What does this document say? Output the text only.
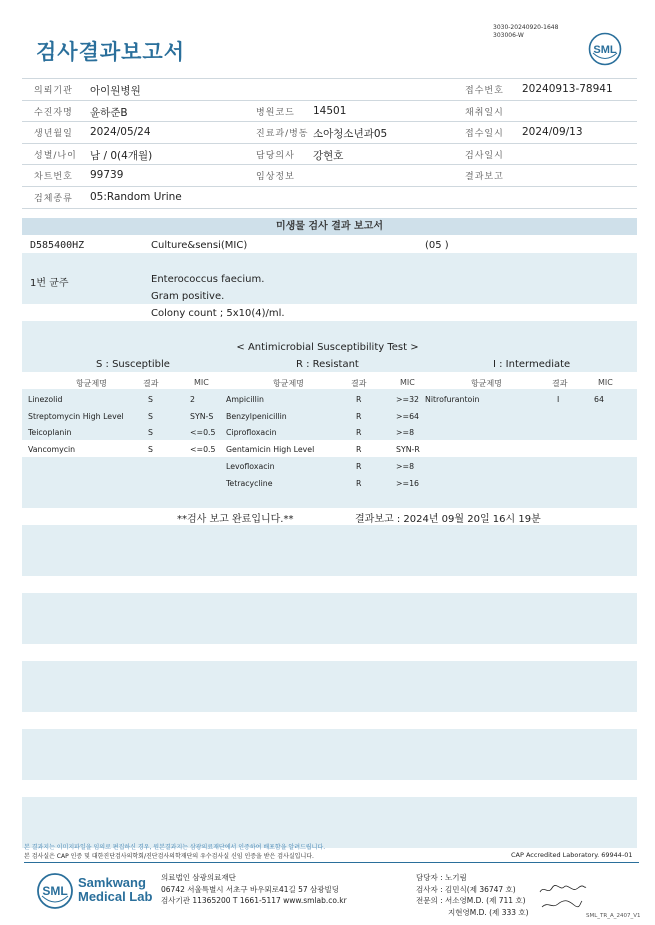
검사결과보고서
3030-20240920-1648
303006-W
SML
의뢰기관 아이원병원	접수번호 20240913-78941
수진자명 윤하준B	병원코드 14501	채취일시
생년월일 2024/05/24	진료과/병동 소아청소년과05	접수일시 2024/09/13
성별/나이 남 / 0(4개월)	담당의사 강현호	검사일시
차트번호 99739	임상정보	결과보고
검체종류 05:Random Urine
미생물 검사 결과 보고서
D585400HZ	Culture&sensi(MIC)	(05 )
1번 균주	Enterococcus faecium.
Gram positive.
Colony count ; 5x10(4)/ml.
< Antimicrobial Susceptibility Test >
S : Susceptible	R : Resistant	I : Intermediate
항균제명	결과	MIC
Linezolid	S	2
Streptomycin High Level	S	SYN-S
Teicoplanin	S	<=0.5
Vancomycin	S	<=0.5
항균제명	결과	MIC
Ampicillin	R	>=32
Benzylpenicillin	R	>=64
Ciprofloxacin	R	>=8
Gentamicin High Level	R	SYN-R
Levofloxacin	R	>=8
Tetracycline	R	>=16
항균제명	결과	MIC
Nitrofurantoin	I	64
**검사 보고 완료입니다.**	결과보고 : 2024년 09월 20일 16시 19분
본 결과지는 이미지파일을 임의로 편집하신 경우, 원본결과지는 삼광의료재단에서 인증하여 배포함을 알려드립니다.
본 검사실은 CAP 인증 및 대한진단검사의학회/진단검사의학재단의 우수검사실 신임 인증을 받은 검사실입니다.	CAP Accredited Laboratory. 69944-01
SML
Samkwang
Medical Lab
의료법인 삼광의료재단
06742 서울특별시 서초구 바우뫼로41길 57 삼광빌딩
검사기관 11365200 T 1661-5117 www.smlab.co.kr
담당자 : 노기림
검사자 : 김민식(제 36747 호)
전문의 : 서소영M.D. (제 711 호)
지현영M.D. (제 333 호)	SML_TR_A_2407_V1
